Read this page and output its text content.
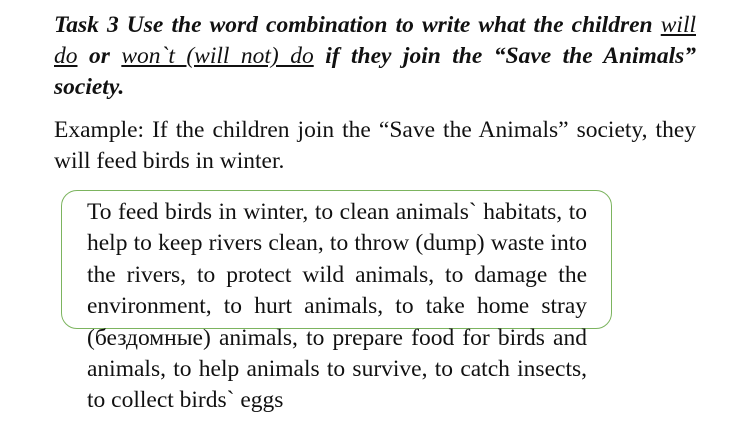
Task 3 Use the word combination to write what the children will do or won`t (will not) do if they join the “Save the Animals” society.
Example: If the children join the “Save the Animals” society, they will feed birds in winter.

To feed birds in winter, to clean animals` habitats, to help to keep rivers clean, to throw (dump) waste into the rivers, to protect wild animals, to damage the environment, to hurt animals, to take home stray (бездомные) animals, to prepare food for birds and animals, to help animals to survive, to catch insects, to collect birds` eggs
